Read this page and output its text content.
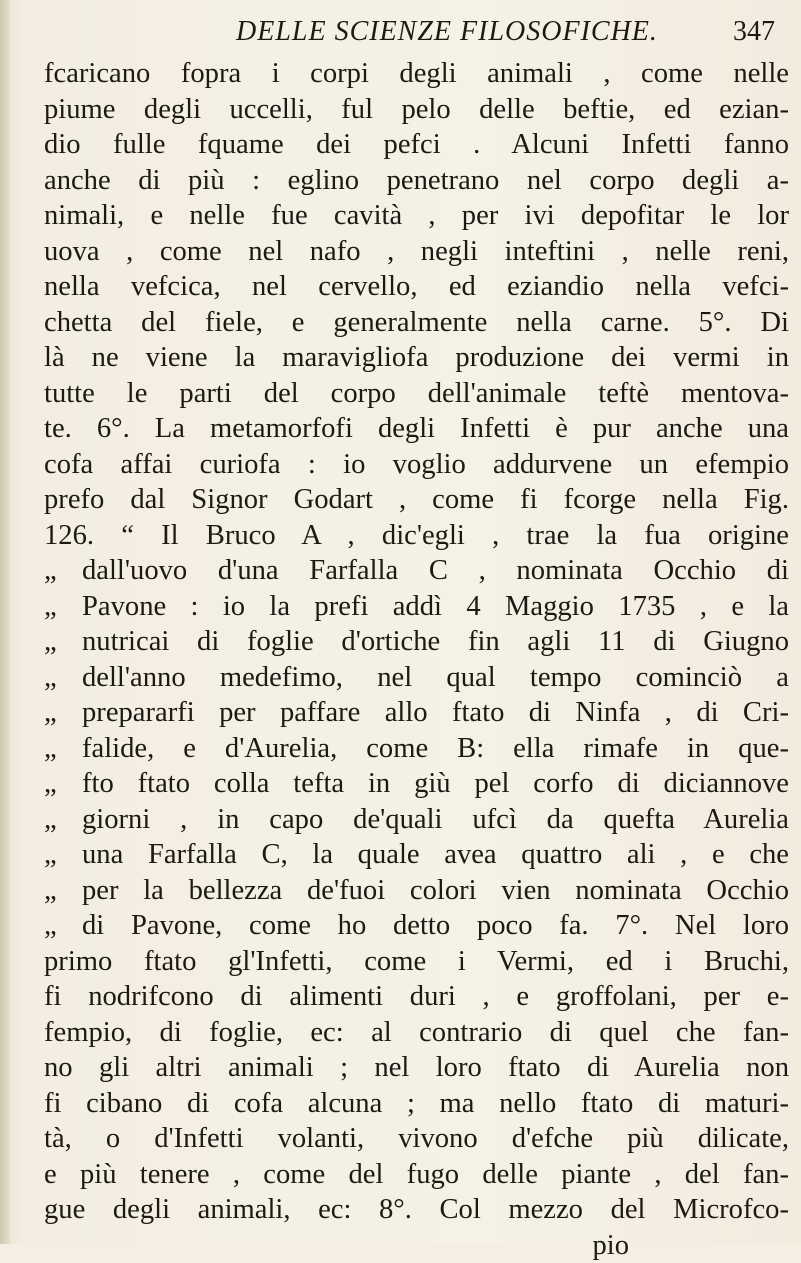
DELLE SCIENZE FILOSOFICHE.	347
fcaricano fopra i corpi degli animali , come nelle
piume degli uccelli, ful pelo delle beftie, ed ezian-
dio fulle fquame dei pefci . Alcuni Infetti fanno
anche di più : eglino penetrano nel corpo degli a-
nimali, e nelle fue cavità , per ivi depofitar le lor
uova , come nel nafo , negli inteftini , nelle reni,
nella vefcica, nel cervello, ed eziandio nella vefci-
chetta del fiele, e generalmente nella carne. 5°. Di
là ne viene la maravigliofa produzione dei vermi in
tutte le parti del corpo dell'animale teftè mentova-
te. 6°. La metamorfofi degli Infetti è pur anche una
cofa affai curiofa : io voglio addurvene un efempio
prefo dal Signor Godart , come fi fcorge nella Fig.
126. “ Il Bruco A , dic'egli , trae la fua origine
„ dall'uovo d'una Farfalla C , nominata Occhio di
„ Pavone : io la prefi addì 4 Maggio 1735 , e la
„ nutricai di foglie d'ortiche fin agli 11 di Giugno
„ dell'anno medefimo, nel qual tempo cominciò a
„ prepararfi per paffare allo ftato di Ninfa , di Cri-
„ falide, e d'Aurelia, come B: ella rimafe in que-
„ fto ftato colla tefta in giù pel corfo di diciannove
„ giorni , in capo de'quali ufcì da quefta Aurelia
„ una Farfalla C, la quale avea quattro ali , e che
„ per la bellezza de'fuoi colori vien nominata Occhio
„ di Pavone, come ho detto poco fa. 7°. Nel loro
primo ftato gl'Infetti, come i Vermi, ed i Bruchi,
fi nodrifcono di alimenti duri , e groffolani, per e-
fempio, di foglie, ec: al contrario di quel che fan-
no gli altri animali ; nel loro ftato di Aurelia non
fi cibano di cofa alcuna ; ma nello ftato di maturi-
tà, o d'Infetti volanti, vivono d'efche più dilicate,
e più tenere , come del fugo delle piante , del fan-
gue degli animali, ec: 8°. Col mezzo del Microfco-
pio
